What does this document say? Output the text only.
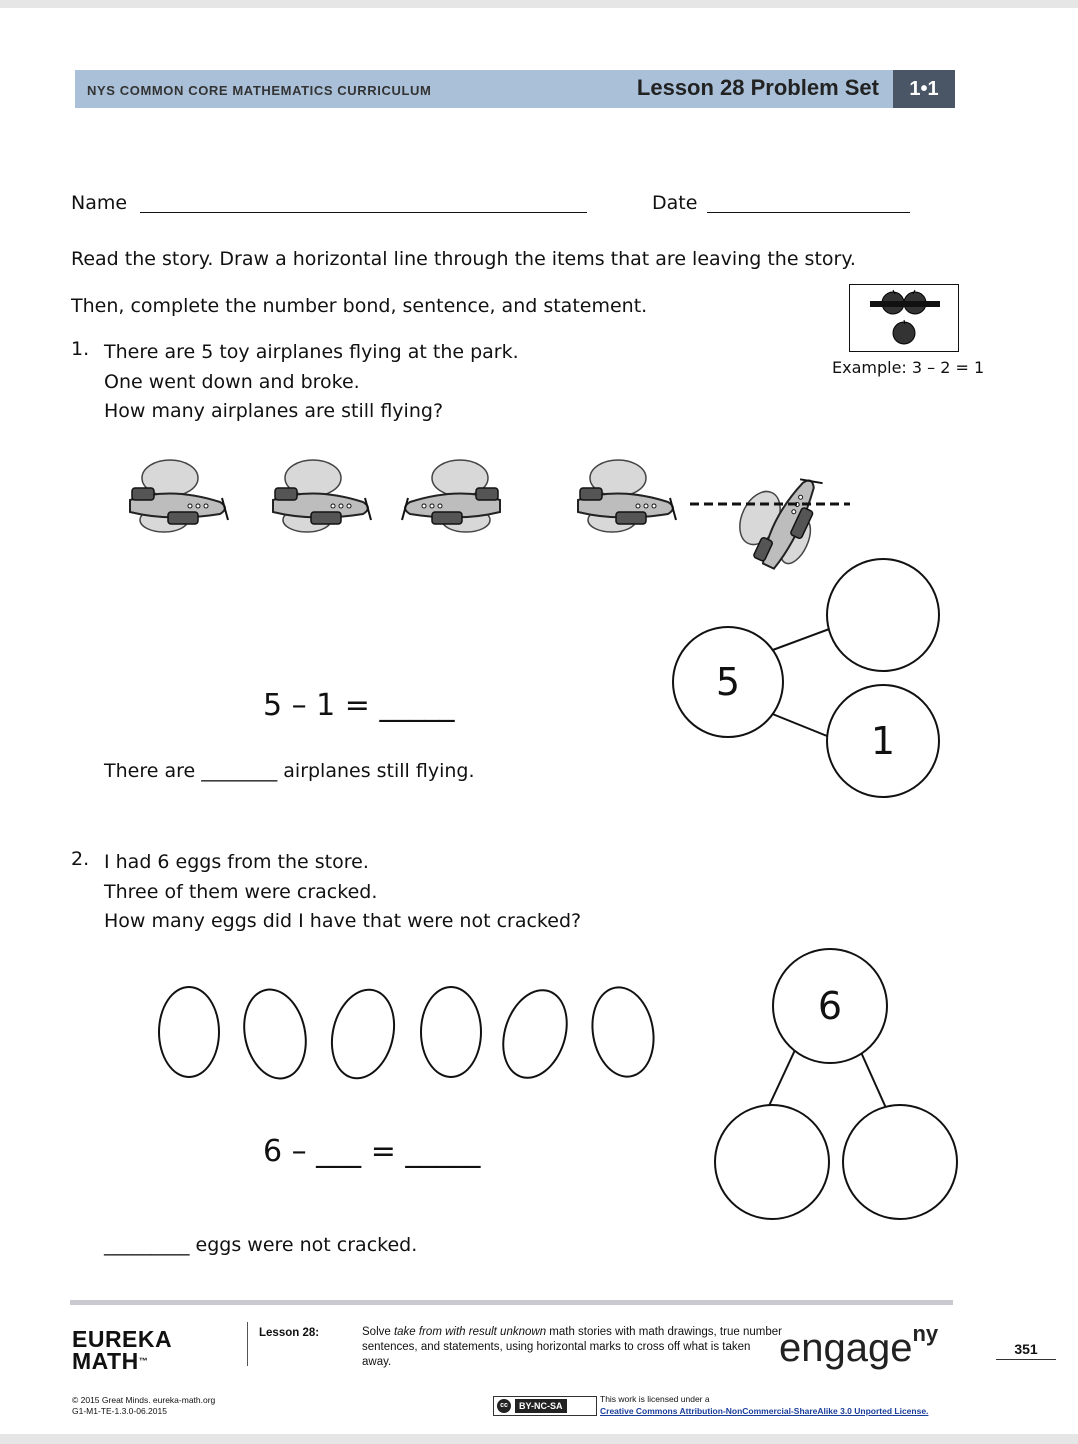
NYS COMMON CORE MATHEMATICS CURRICULUM	Lesson 28 Problem Set	1•1
Name	Date
Read the story. Draw a horizontal line through the items that are leaving the story.
Then, complete the number bond, sentence, and statement.
Example: 3 – 2 = 1
1. There are 5 toy airplanes flying at the park.
One went down and broke.
How many airplanes are still flying?
5
1
5 – 1 = _____
There are ________ airplanes still flying.
2. I had 6 eggs from the store.
Three of them were cracked.
How many eggs did I have that were not cracked?
6
6 – ___ = _____
_________ eggs were not cracked.
EUREKA
MATH™
Lesson 28:	Solve take from with result unknown math stories with math drawings, true number sentences, and statements, using horizontal marks to cross off what is taken away.	engage$^{ny}$
351
© 2015 Great Minds. eureka-math.org
G1-M1-TE-1.3.0-06.2015
cc	BY-NC-SA
This work is licensed under a
Creative Commons Attribution-NonCommercial-ShareAlike 3.0 Unported License.
